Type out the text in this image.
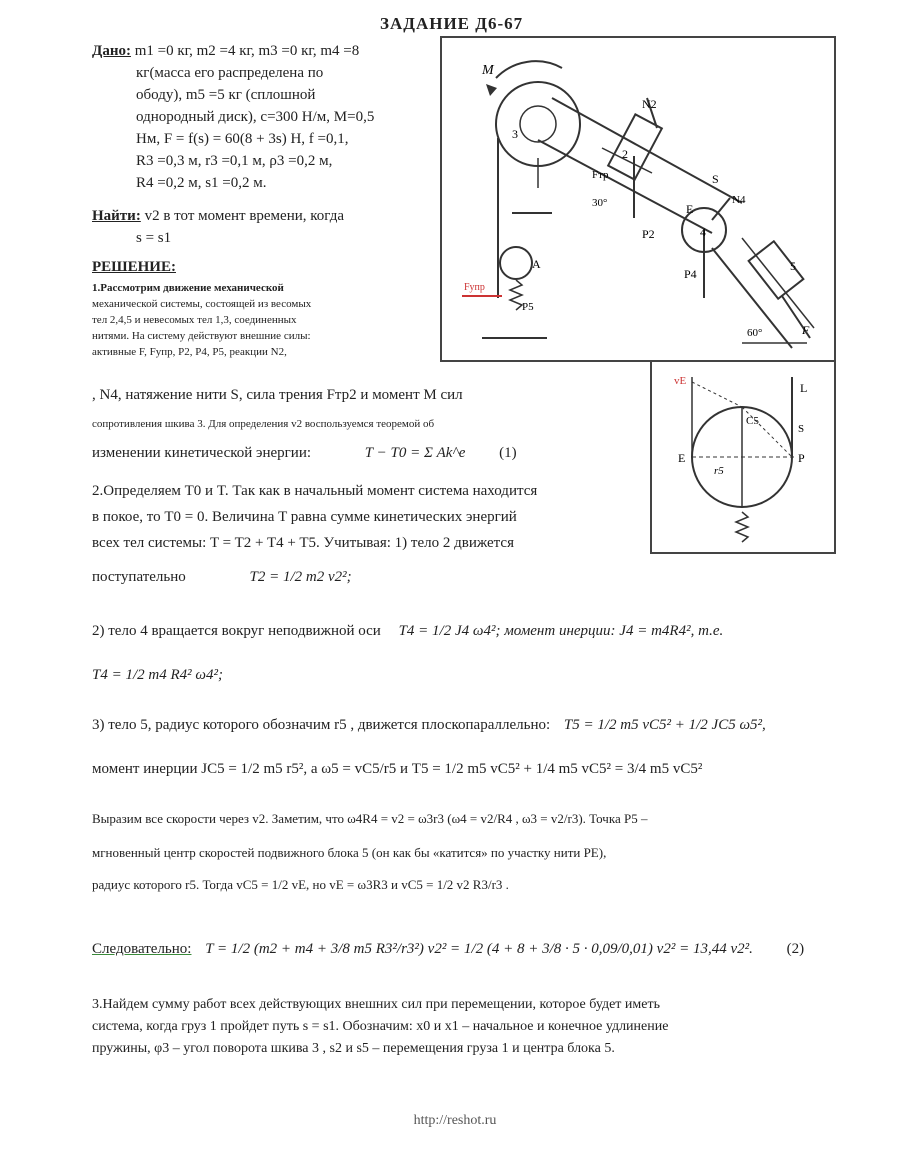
ЗАДАНИЕ Д6-67
Дано: m1 =0 кг, m2 =4 кг, m3 =0 кг, m4 =8
кг(масса его распределена по
ободу), m5 =5 кг (сплошной
однородный диск), c=300 Н/м, М=0,5
Нм, F = f(s) = 60(8 + 3s) Н, f =0,1,
R3 =0,3 м, r3 =0,1 м, ρ3 =0,2 м,
R4 =0,2 м, s1 =0,2 м.
Найти: v2 в тот момент времени, когда
s = s1
РЕШЕНИЕ:
1.Рассмотрим движение механической
механической системы, состоящей из весомых
тел 2,4,5 и невесомых тел 1,3, соединенных
нитями. На систему действуют внешние силы:
активные F, Fупр, P2, P4, P5, реакции N2,
, N4, натяжение нити S, сила трения Fтр2 и момент M сил
сопротивления шкива 3. Для определения v2 воспользуемся теоремой об
изменении кинетической энергии:	T − T0 = Σ Ak^e (1)
M
3
N2
2
S
Fтр
30°
P2
E
4
N4
P4
5
F
60°
A
Fупр
P5
vE	L
E
C5
P
r5
S
2.Определяем T0 и T. Так как в начальный момент система находится
в покое, то T0 = 0. Величина T равна сумме кинетических энергий
всех тел системы: T = T2 + T4 + T5. Учитывая: 1) тело 2 движется
поступательно	T2 = 1/2 m2 v2²;
2) тело 4 вращается вокруг неподвижной оси T4 = 1/2 J4 ω4²; момент инерции: J4 = m4R4², т.е.
T4 = 1/2 m4 R4² ω4²;
3) тело 5, радиус которого обозначим r5 , движется плоскопараллельно: T5 = 1/2 m5 vC5² + 1/2 JC5 ω5²,
момент инерции JC5 = 1/2 m5 r5², a ω5 = vC5/r5 и T5 = 1/2 m5 vC5² + 1/4 m5 vC5² = 3/4 m5 vC5²
Выразим все скорости через v2. Заметим, что ω4R4 = v2 = ω3r3 (ω4 = v2/R4 , ω3 = v2/r3). Точка P5 –
мгновенный центр скоростей подвижного блока 5 (он как бы «катится» по участку нити PE),
радиус которого r5. Тогда vC5 = 1/2 vE, но vE = ω3R3 и vC5 = 1/2 v2 R3/r3 .
Следовательно: T = 1/2 (m2 + m4 + 3/8 m5 R3²/r3²) v2² = 1/2 (4 + 8 + 3/8 · 5 · 0,09/0,01) v2² = 13,44 v2². (2)
3.Найдем сумму работ всех действующих внешних сил при перемещении, которое будет иметь
система, когда груз 1 пройдет путь s = s1. Обозначим: x0 и x1 – начальное и конечное удлинение
пружины, φ3 – угол поворота шкива 3 , s2 и s5 – перемещения груза 1 и центра блока 5.
http://reshot.ru
